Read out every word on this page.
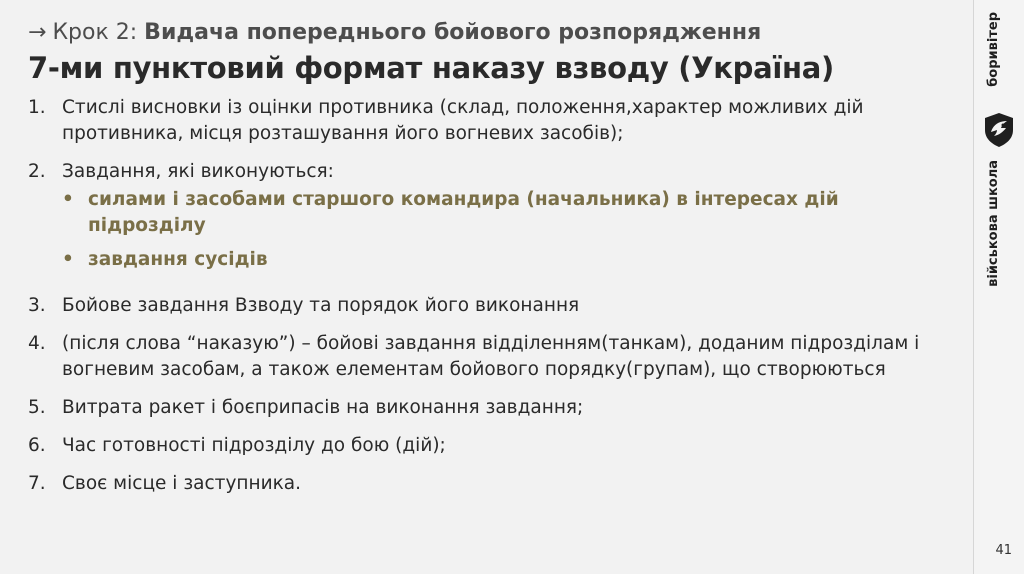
→ Крок 2: Видача попереднього бойового розпорядження
7-ми пунктовий формат наказу взводу (Україна)
1. Стислі висновки із оцінки противника (склад, положення,характер можливих дій противника, місця розташування його вогневих засобів);
2. Завдання, які виконуються:
• силами і засобами старшого командира (начальника) в інтересах дій підрозділу
• завдання сусідів
3. Бойове завдання Взводу та порядок його виконання
4. (після слова “наказую”) – бойові завдання відділенням(танкам), доданим підрозділам і вогневим засобам, а також елементам бойового порядку(групам), що створюються
5. Витрата ракет і боєприпасів на виконання завдання;
6. Час готовності підрозділу до бою (дій);
7. Своє місце і заступника.
боривітер
військова школа
41
